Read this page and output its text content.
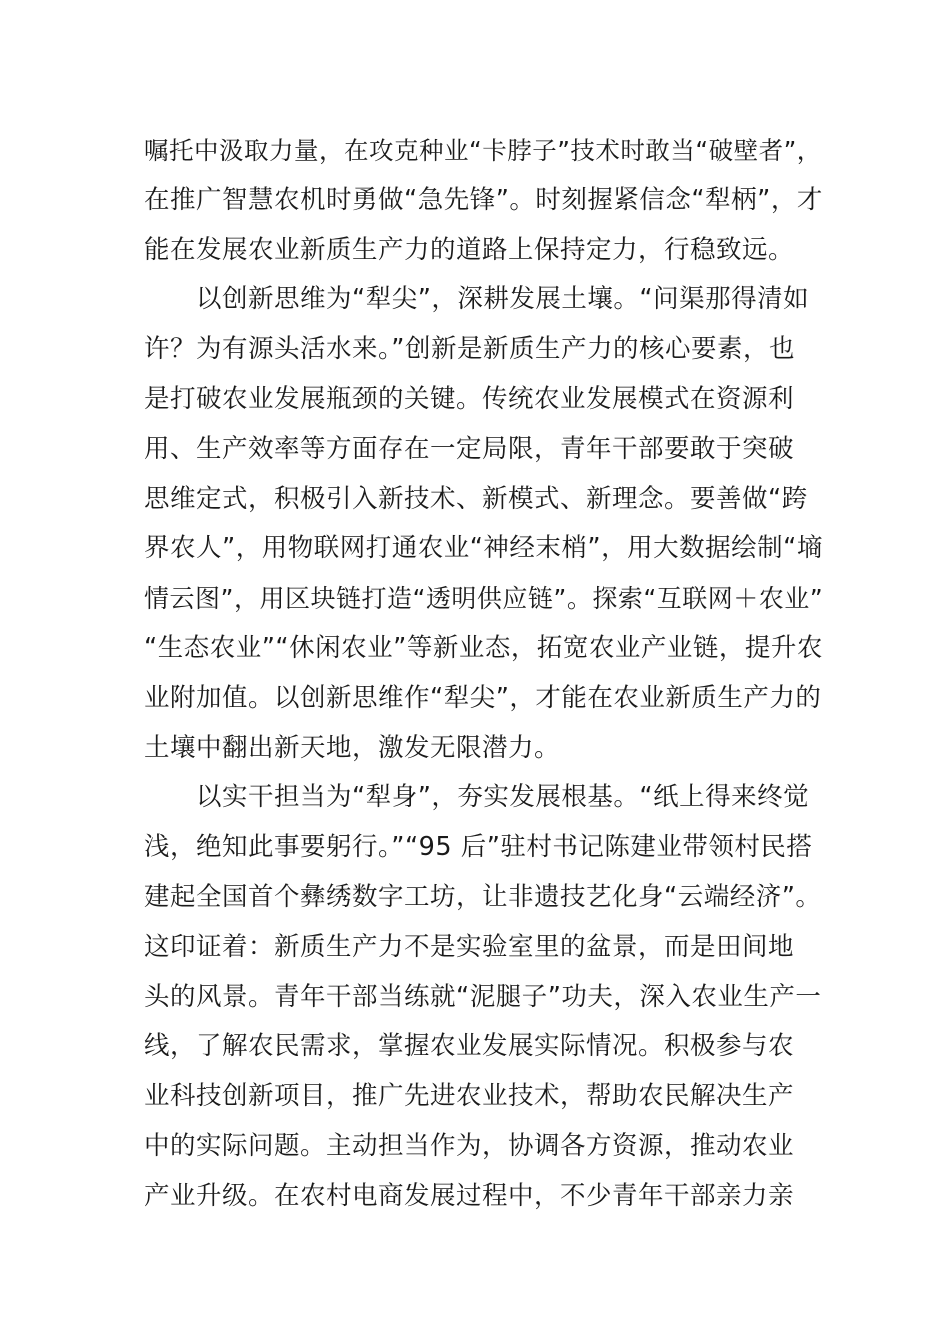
嘱托中汲取力量，在攻克种业“卡脖子”技术时敢当“破壁者”，
在推广智慧农机时勇做“急先锋”。时刻握紧信念“犁柄”，才
能在发展农业新质生产力的道路上保持定力，行稳致远。
以创新思维为“犁尖”，深耕发展土壤。“问渠那得清如
许？为有源头活水来。”创新是新质生产力的核心要素，也
是打破农业发展瓶颈的关键。传统农业发展模式在资源利
用、生产效率等方面存在一定局限，青年干部要敢于突破
思维定式，积极引入新技术、新模式、新理念。要善做“跨
界农人”，用物联网打通农业“神经末梢”，用大数据绘制“墒
情云图”，用区块链打造“透明供应链”。探索“互联网＋农业”
“生态农业”“休闲农业”等新业态，拓宽农业产业链，提升农
业附加值。以创新思维作“犁尖”，才能在农业新质生产力的
土壤中翻出新天地，激发无限潜力。
以实干担当为“犁身”，夯实发展根基。“纸上得来终觉
浅，绝知此事要躬行。”“95 后”驻村书记陈建业带领村民搭
建起全国首个彝绣数字工坊，让非遗技艺化身“云端经济”。
这印证着：新质生产力不是实验室里的盆景，而是田间地
头的风景。青年干部当练就“泥腿子”功夫，深入农业生产一
线，了解农民需求，掌握农业发展实际情况。积极参与农
业科技创新项目，推广先进农业技术，帮助农民解决生产
中的实际问题。主动担当作为，协调各方资源，推动农业
产业升级。在农村电商发展过程中，不少青年干部亲力亲
